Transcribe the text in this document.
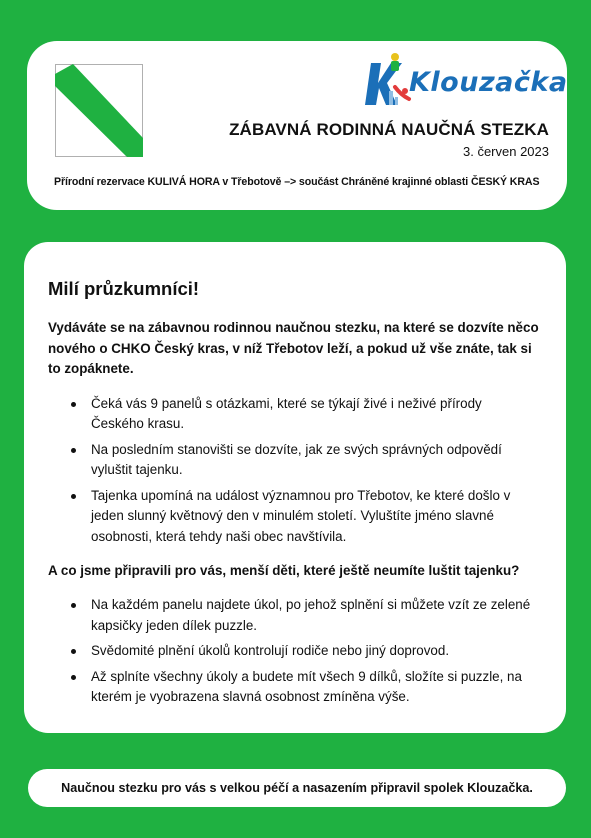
Klouzačka
ZÁBAVNÁ RODINNÁ NAUČNÁ STEZKA
3. červen 2023
Přírodní rezervace KULIVÁ HORA v Třebotově –> součást Chráněné krajinné oblasti ČESKÝ KRAS
Milí průzkumníci!

Vydáváte se na zábavnou rodinnou naučnou stezku, na které se dozvíte něco nového o CHKO Český kras, v níž Třebotov leží, a pokud už vše znáte, tak si to zopáknete.

Čeká vás 9 panelů s otázkami, které se týkají živé i neživé přírody Českého krasu.
Na posledním stanovišti se dozvíte, jak ze svých správných odpovědí vyluštit tajenku.
Tajenka upomíná na událost významnou pro Třebotov, ke které došlo v jeden slunný květnový den v minulém století. Vyluštíte jméno slavné osobnosti, která tehdy naši obec navštívila.

A co jsme připravili pro vás, menší děti, které ještě neumíte luštit tajenku?

Na každém panelu najdete úkol, po jehož splnění si můžete vzít ze zelené kapsičky jeden dílek puzzle.
Svědomité plnění úkolů kontrolují rodiče nebo jiný doprovod.
Až splníte všechny úkoly a budete mít všech 9 dílků, složíte si puzzle, na kterém je vyobrazena slavná osobnost zmíněna výše.
Naučnou stezku pro vás s velkou péčí a nasazením připravil spolek Klouzačka.
